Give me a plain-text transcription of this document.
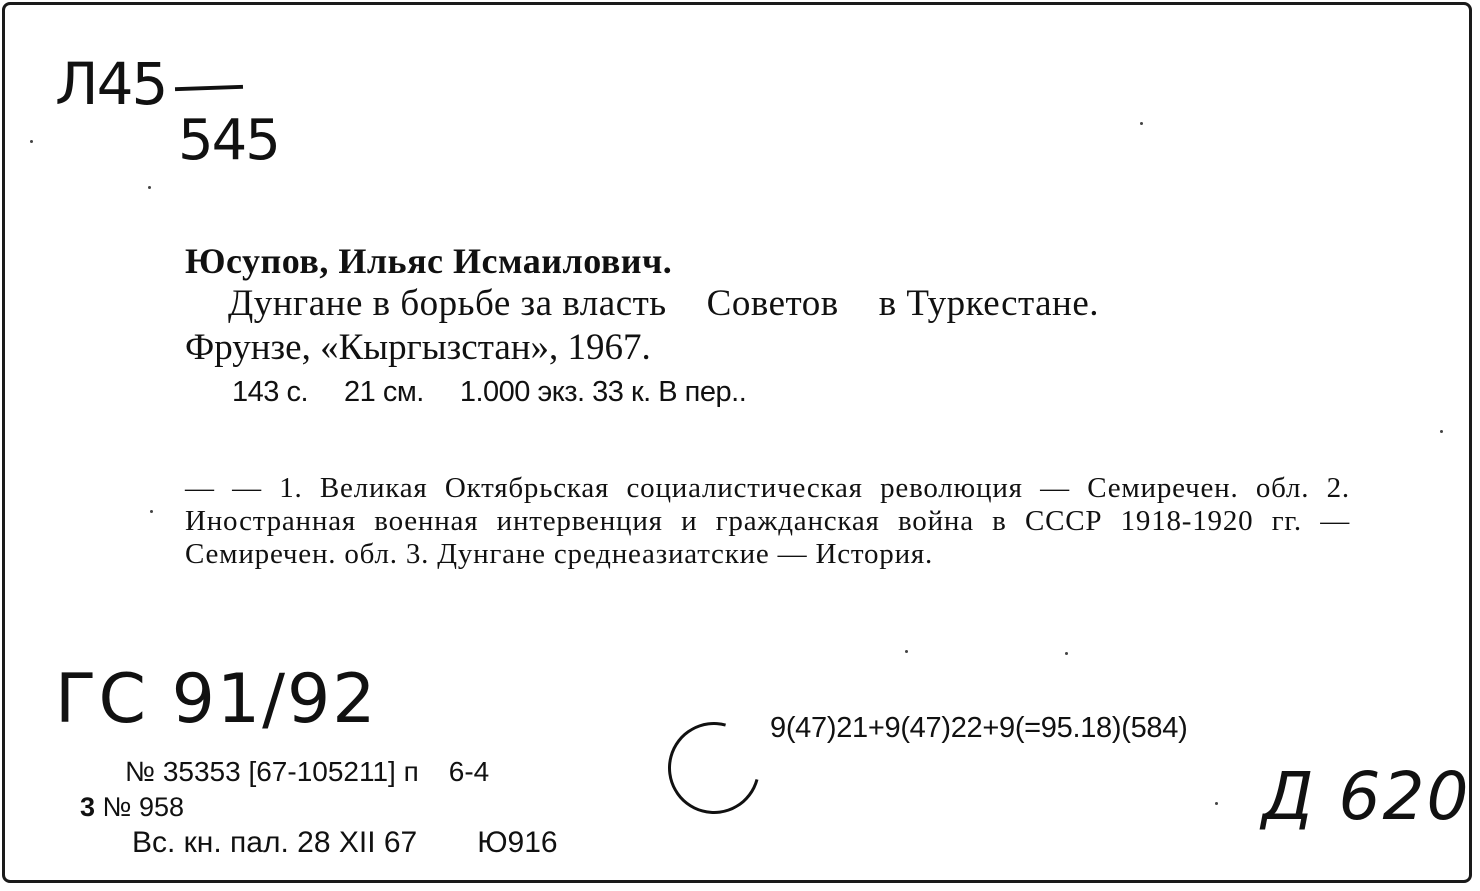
Л45
545
Юсупов, Ильяс Исмаилович.
Дунгане в борьбе за власть Советов в Туркестане.
Фрунзе, «Кыргызстан», 1967.
143 с. 21 см. 1.000 экз. 33 к. В пер..
— — 1. Великая Октябрьская социалистическая революция — Семиречен. обл. 2. Иностранная военная интервенция и гражданская война в СССР 1918-1920 гг. — Семиречен. обл. 3. Дунгане среднеазиатские — История.
ГС 91/92	9(47)21+9(47)22+9(=95.18)(584)
№ 35353 [67-105211] п 6-4
3 № 958
Вс. кн. пал. 28 XII 67 Ю916
Д 620
